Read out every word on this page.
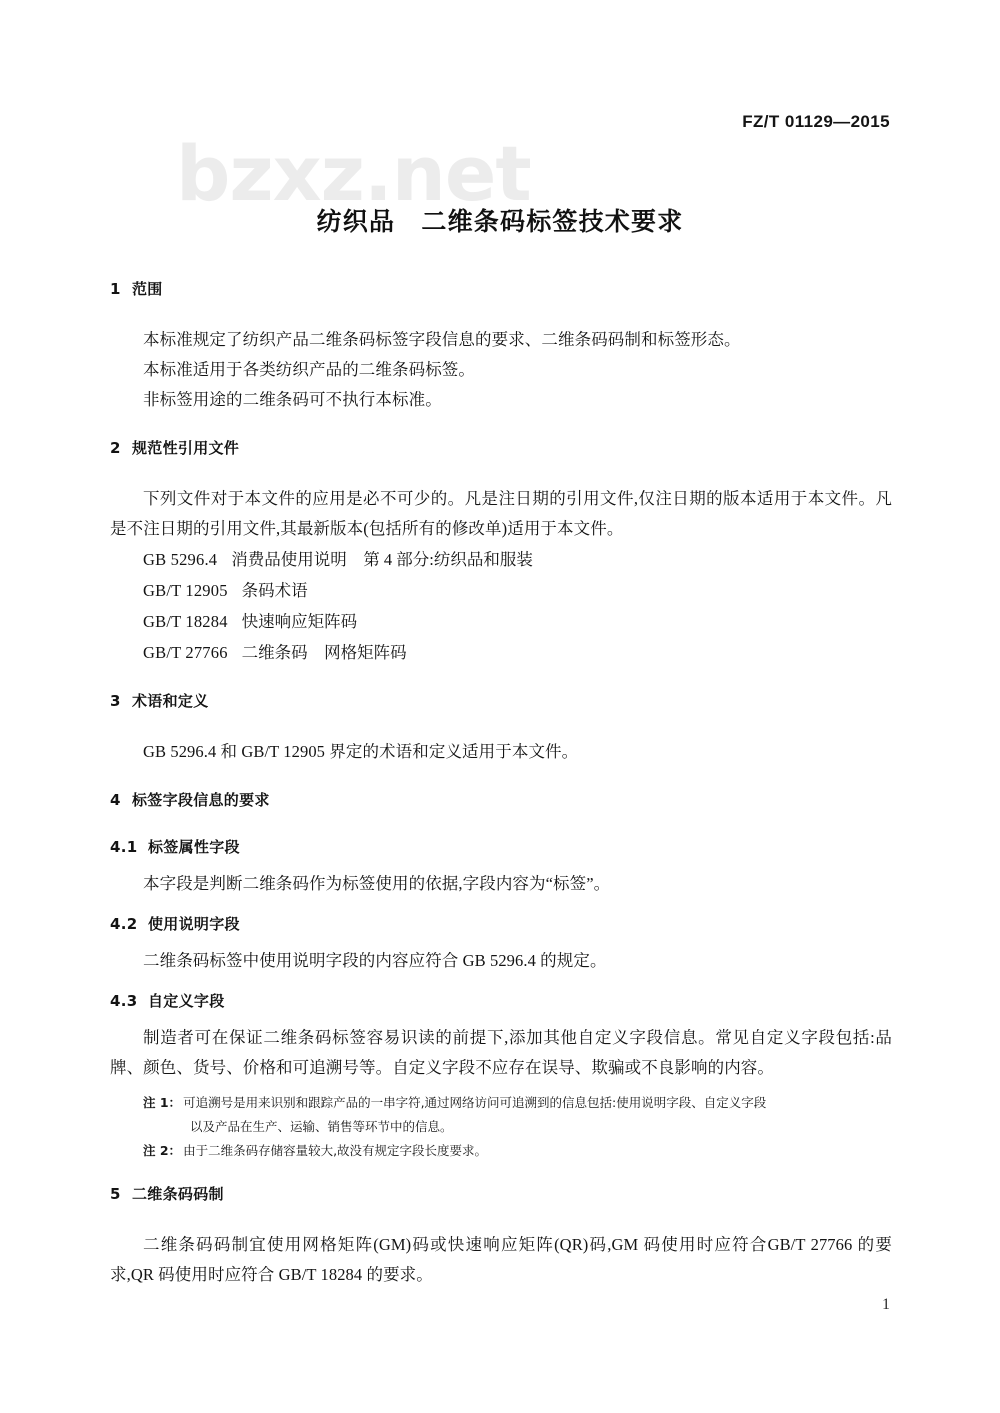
bzxz.net
FZ/T 01129—2015
纺织品　二维条码标签技术要求
1 范围
本标准规定了纺织产品二维条码标签字段信息的要求、二维条码码制和标签形态。
本标准适用于各类纺织产品的二维条码标签。
非标签用途的二维条码可不执行本标准。
2 规范性引用文件
下列文件对于本文件的应用是必不可少的。凡是注日期的引用文件,仅注日期的版本适用于本文件。凡是不注日期的引用文件,其最新版本(包括所有的修改单)适用于本文件。
GB 5296.4 消费品使用说明　第 4 部分:纺织品和服装
GB/T 12905 条码术语
GB/T 18284 快速响应矩阵码
GB/T 27766 二维条码　网格矩阵码
3 术语和定义
GB 5296.4 和 GB/T 12905 界定的术语和定义适用于本文件。
4 标签字段信息的要求
4.1 标签属性字段
本字段是判断二维条码作为标签使用的依据,字段内容为“标签”。
4.2 使用说明字段
二维条码标签中使用说明字段的内容应符合 GB 5296.4 的规定。
4.3 自定义字段
制造者可在保证二维条码标签容易识读的前提下,添加其他自定义字段信息。常见自定义字段包括:品牌、颜色、货号、价格和可追溯号等。自定义字段不应存在误导、欺骗或不良影响的内容。
注 1： 可追溯号是用来识别和跟踪产品的一串字符,通过网络访问可追溯到的信息包括:使用说明字段、自定义字段
以及产品在生产、运输、销售等环节中的信息。
注 2： 由于二维条码存储容量较大,故没有规定字段长度要求。
5 二维条码码制
二维条码码制宜使用网格矩阵(GM)码或快速响应矩阵(QR)码,GM 码使用时应符合GB/T 27766 的要求,QR 码使用时应符合 GB/T 18284 的要求。
1
